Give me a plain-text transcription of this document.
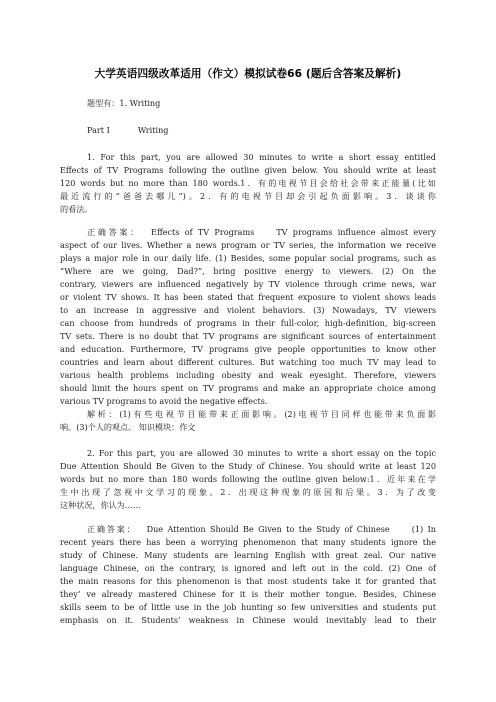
大学英语四级改革适用（作文）模拟试卷66 (题后含答案及解析)
题型有：1. Writing
Part I	Writing
1. For this part, you are allowed 30 minutes to write a short essay entitled
Effects of TV Programs following the outline given below. You should write at least
120 words but no more than 180 words.1．有的电视节目会给社会带来正能量(比如
最近流行的“爸爸去哪儿”)。2．有的电视节目却会引起负面影响。3．谈谈你
的看法。
正确答案： Effects of TV Programs	TV programs influence almost every
aspect of our lives. Whether a news program or TV series, the information we receive
plays a major role in our daily life. (1) Besides, some popular social programs, such as
“Where are we going, Dad?”, bring positive energy to viewers. (2) On the
contrary, viewers are influenced negatively by TV violence through crime news, war
or violent TV shows. It has been stated that frequent exposure to violent shows leads
to an increase in aggressive and violent behaviors. (3) Nowadays, TV viewers
can choose from hundreds of programs in their full-color, high-definition, big-screen
TV sets. There is no doubt that TV programs are significant sources of entertainment
and education. Furthermore, TV programs give people opportunities to know other
countries and learn about different cultures. But watching too much TV may lead to
various health problems including obesity and weak eyesight. Therefore, viewers
should limit the hours spent on TV programs and make an appropriate choice among
various TV programs to avoid the negative effects.
解析：(1)有些电视节目能带来正面影响。(2)电视节目同样也能带来负面影
响。(3)个人的观点。 知识模块：作文
2. For this part, you are allowed 30 minutes to write a short essay on the topic
Due Attention Should Be Given to the Study of Chinese. You should write at least 120
words but no more than 180 words following the outline given below:1．近年来在学
生中出现了忽视中文学习的现象。2．出现这种现象的原因和后果。3．为了改变
这种状况，你认为……
正确答案： Due Attention Should Be Given to the Study of Chinese	(1) In
recent years there has been a worrying phenomenon that many students ignore the
study of Chinese. Many students are learning English with great zeal. Our native
language Chinese, on the contrary, is ignored and left out in the cold. (2) One of
the main reasons for this phenomenon is that most students take it for granted that
they’ ve already mastered Chinese for it is their mother tongue. Besides, Chinese
skills seem to be of little use in the job hunting so few universities and students put
emphasis on it. Students’ weakness in Chinese would inevitably lead to their
